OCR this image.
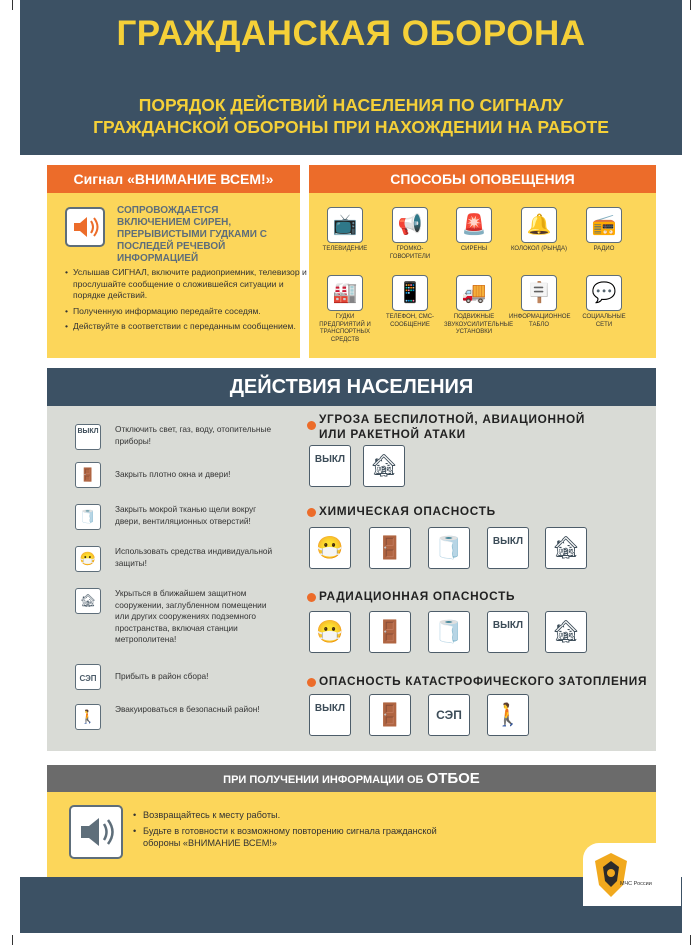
ГРАЖДАНСКАЯ ОБОРОНА
ПОРЯДОК ДЕЙСТВИЙ НАСЕЛЕНИЯ ПО СИГНАЛУ
ГРАЖДАНСКОЙ ОБОРОНЫ ПРИ НАХОЖДЕНИИ НА РАБОТЕ
Сигнал «ВНИМАНИЕ ВСЕМ!»
СОПРОВОЖДАЕТСЯ ВКЛЮЧЕНИЕМ СИРЕН, ПРЕРЫВИСТЫМИ ГУДКАМИ С ПОСЛЕДЕЙ РЕЧЕВОЙ ИНФОРМАЦИЕЙ
• Услышав СИГНАЛ, включите радиоприемник, телевизор и прослушайте сообщение о сложившейся ситуации и порядке действий.
• Полученную информацию передайте соседям.
• Действуйте в соответствии с переданным сообщением.
СПОСОБЫ ОПОВЕЩЕНИЯ
📺
ТЕЛЕВИДЕНИЕ
📢
ГРОМКО-ГОВОРИТЕЛИ
🚨
СИРЕНЫ
🔔
КОЛОКОЛ (РЫНДА)
📻
РАДИО
🏭
ГУДКИ ПРЕДПРИЯТИЙ И ТРАНСПОРТНЫХ СРЕДСТВ
📱
ТЕЛЕФОН, СМС-СООБЩЕНИЕ
🚚
ПОДВИЖНЫЕ ЗВУКОУСИЛИТЕЛЬНЫЕ УСТАНОВКИ
🪧
ИНФОРМАЦИОННОЕ ТАБЛО
💬
СОЦИАЛЬНЫЕ СЕТИ
ДЕЙСТВИЯ НАСЕЛЕНИЯ
ВЫКЛ Отключить свет, газ, воду, отопительные приборы!
🚪	Закрыть плотно окна и двери!
🧻	Закрыть мокрой тканью щели вокруг двери, вентиляционных отверстий!
😷	Использовать средства индивидуальной защиты!
🏚	Укрыться в ближайшем защитном сооружении, заглубленном помещении или других сооружениях подземного пространства, включая станции метрополитена!
СЭП	Прибыть в район сбора!
🚶	Эвакуироваться в безопасный район!
УГРОЗА БЕСПИЛОТНОЙ, АВИАЦИОННОЙ
ИЛИ РАКЕТНОЙ АТАКИ
ВЫКЛ	🏚
ХИМИЧЕСКАЯ ОПАСНОСТЬ
😷	🚪	🧻	ВЫКЛ	🏚
РАДИАЦИОННАЯ ОПАСНОСТЬ
😷	🚪	🧻	ВЫКЛ	🏚
ОПАСНОСТЬ КАТАСТРОФИЧЕСКОГО ЗАТОПЛЕНИЯ
ВЫКЛ	🚪	СЭП	🚶
ПРИ ПОЛУЧЕНИИ ИНФОРМАЦИИ ОБ ОТБОЕ
• Возвращайтесь к месту работы.
• Будьте в готовности к возможному повторению сигнала гражданской обороны «ВНИМАНИЕ ВСЕМ!»
МЧС России
